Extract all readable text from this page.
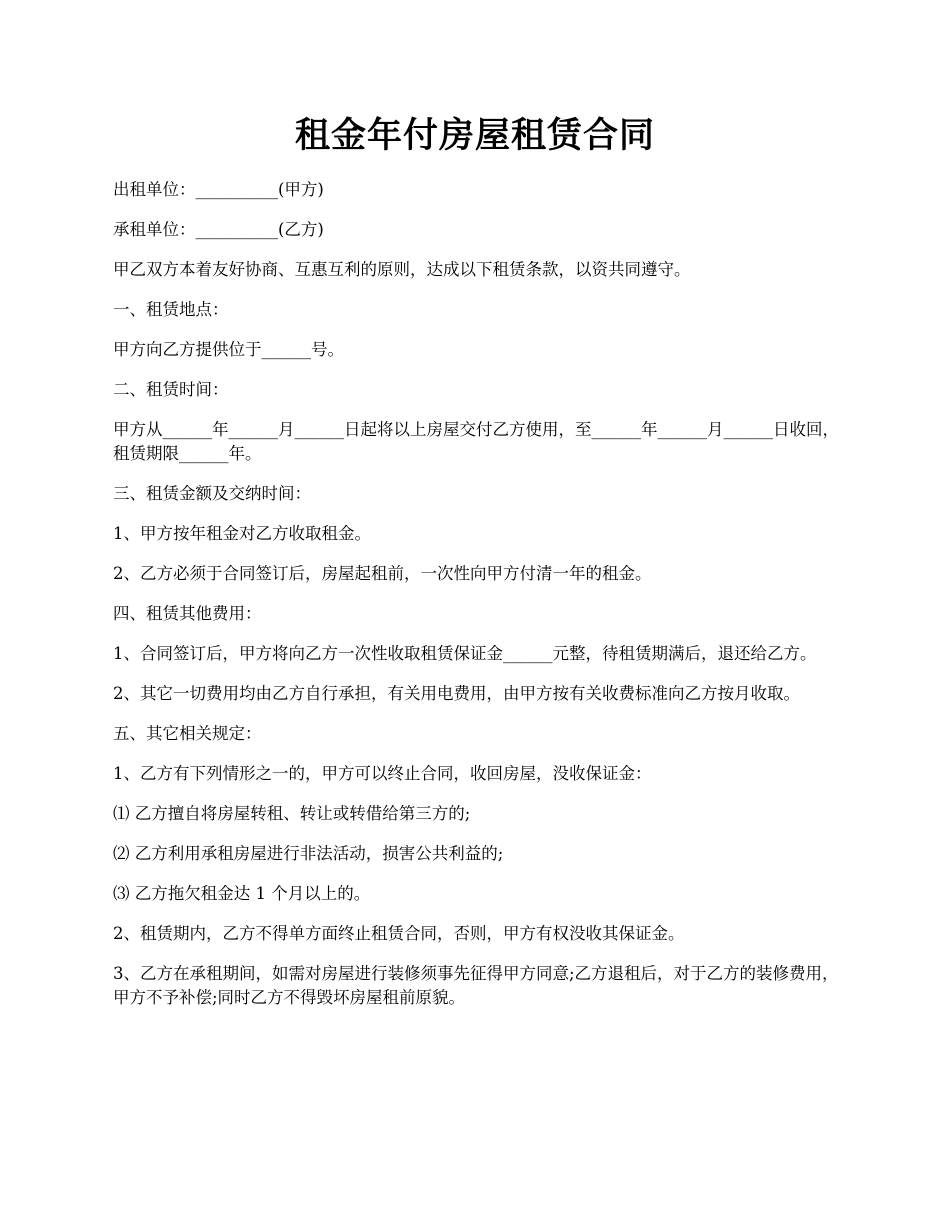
租金年付房屋租赁合同

出租单位：__________(甲方)

承租单位：__________(乙方)

甲乙双方本着友好协商、互惠互利的原则，达成以下租赁条款，以资共同遵守。

一、租赁地点：

甲方向乙方提供位于______号。

二、租赁时间：

甲方从______年______月______日起将以上房屋交付乙方使用，至______年______月______日收回，租赁期限______年。

三、租赁金额及交纳时间：

1、甲方按年租金对乙方收取租金。

2、乙方必须于合同签订后，房屋起租前，一次性向甲方付清一年的租金。

四、租赁其他费用：

1、合同签订后，甲方将向乙方一次性收取租赁保证金______元整，待租赁期满后，退还给乙方。

2、其它一切费用均由乙方自行承担，有关用电费用，由甲方按有关收费标准向乙方按月收取。

五、其它相关规定：

1、乙方有下列情形之一的，甲方可以终止合同，收回房屋，没收保证金：

⑴ 乙方擅自将房屋转租、转让或转借给第三方的;

⑵ 乙方利用承租房屋进行非法活动，损害公共利益的;

⑶ 乙方拖欠租金达 1 个月以上的。

2、租赁期内，乙方不得单方面终止租赁合同，否则，甲方有权没收其保证金。

3、乙方在承租期间，如需对房屋进行装修须事先征得甲方同意;乙方退租后，对于乙方的装修费用，甲方不予补偿;同时乙方不得毁坏房屋租前原貌。
